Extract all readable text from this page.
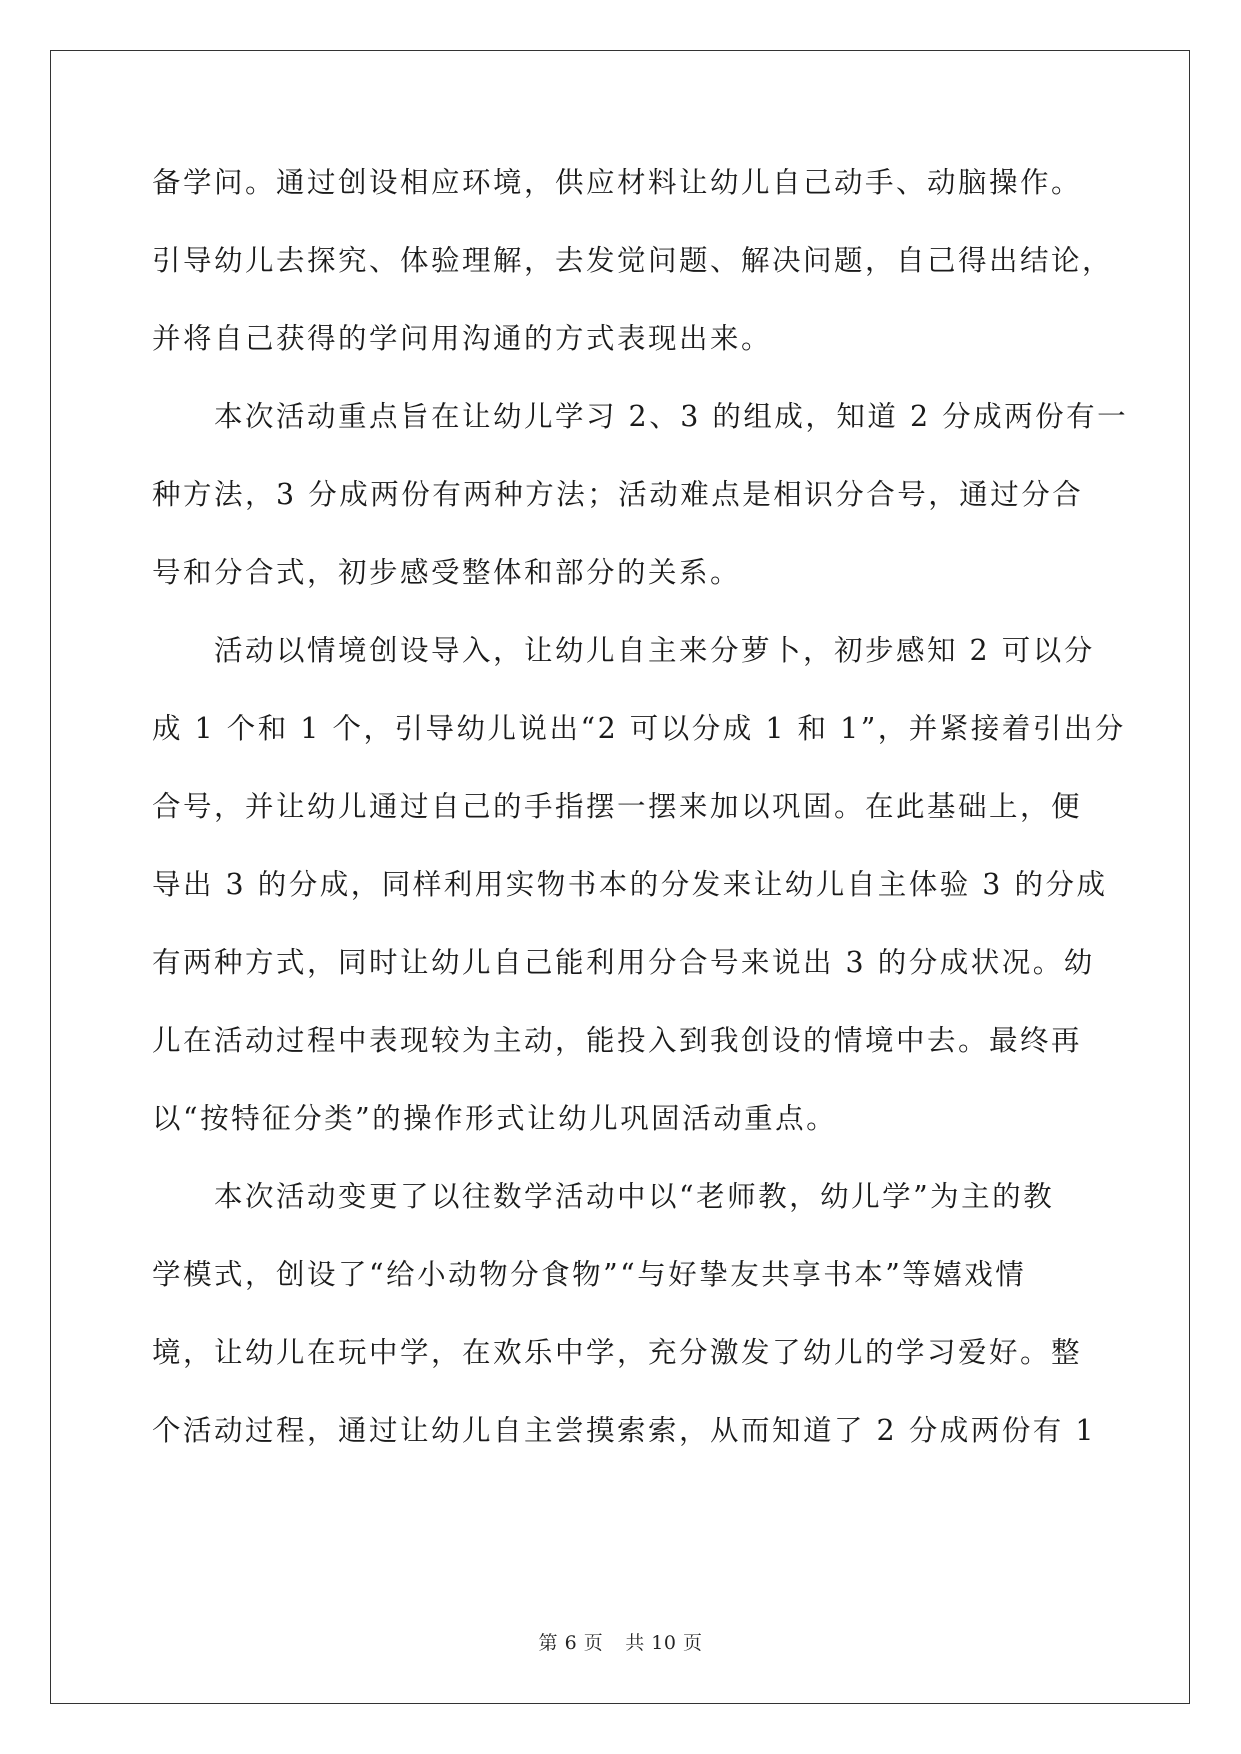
备学问。通过创设相应环境，供应材料让幼儿自己动手、动脑操作。
引导幼儿去探究、体验理解，去发觉问题、解决问题，自己得出结论，
并将自己获得的学问用沟通的方式表现出来。
本次活动重点旨在让幼儿学习 2、3 的组成，知道 2 分成两份有一
种方法，3 分成两份有两种方法；活动难点是相识分合号，通过分合
号和分合式，初步感受整体和部分的关系。
活动以情境创设导入，让幼儿自主来分萝卜，初步感知 2 可以分
成 1 个和 1 个，引导幼儿说出“2 可以分成 1 和 1”，并紧接着引出分
合号，并让幼儿通过自己的手指摆一摆来加以巩固。在此基础上，便
导出 3 的分成，同样利用实物书本的分发来让幼儿自主体验 3 的分成
有两种方式，同时让幼儿自己能利用分合号来说出 3 的分成状况。幼
儿在活动过程中表现较为主动，能投入到我创设的情境中去。最终再
以“按特征分类”的操作形式让幼儿巩固活动重点。
本次活动变更了以往数学活动中以“老师教，幼儿学”为主的教
学模式，创设了“给小动物分食物”“与好挚友共享书本”等嬉戏情
境，让幼儿在玩中学，在欢乐中学，充分激发了幼儿的学习爱好。整
个活动过程，通过让幼儿自主尝摸索索，从而知道了 2 分成两份有 1
第 6 页 共 10 页
